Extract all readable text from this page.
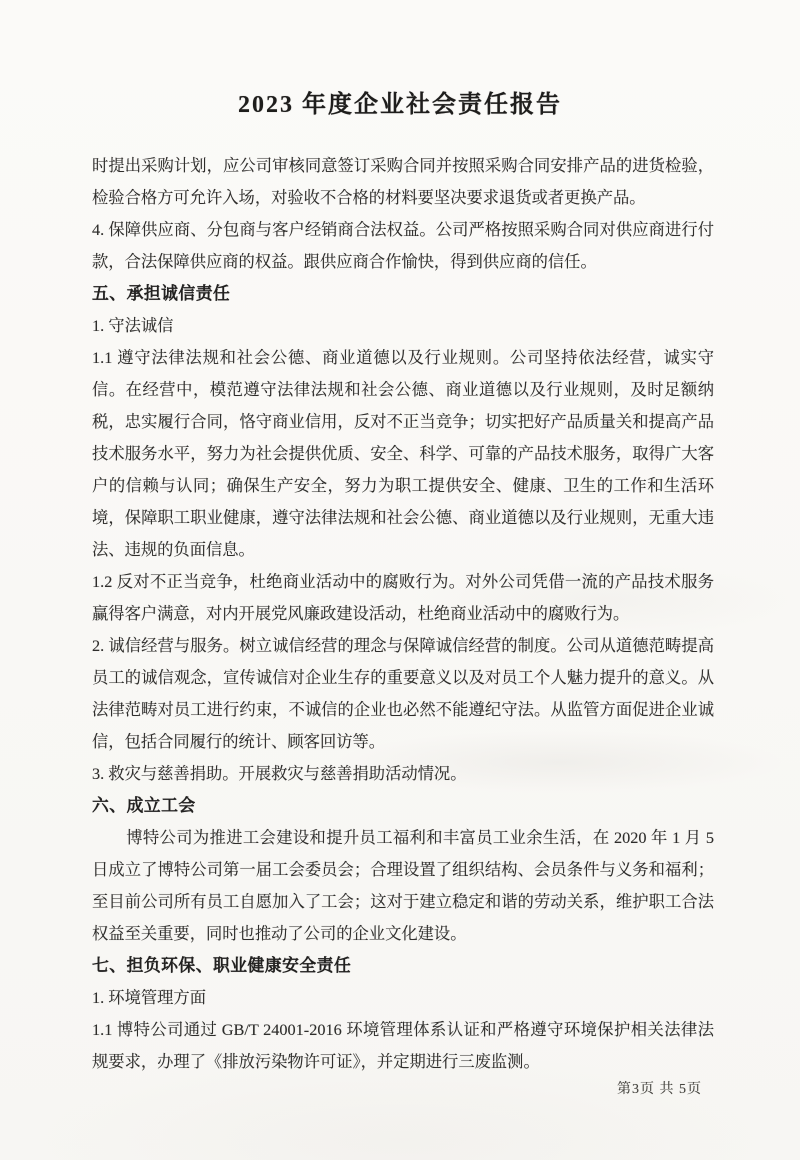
2023 年度企业社会责任报告

时提出采购计划，应公司审核同意签订采购合同并按照采购合同安排产品的进货检验，检验合格方可允许入场，对验收不合格的材料要坚决要求退货或者更换产品。

4. 保障供应商、分包商与客户经销商合法权益。公司严格按照采购合同对供应商进行付款，合法保障供应商的权益。跟供应商合作愉快，得到供应商的信任。

五、承担诚信责任

1. 守法诚信

1.1 遵守法律法规和社会公德、商业道德以及行业规则。公司坚持依法经营，诚实守信。在经营中，模范遵守法律法规和社会公德、商业道德以及行业规则，及时足额纳税，忠实履行合同，恪守商业信用，反对不正当竞争；切实把好产品质量关和提高产品技术服务水平，努力为社会提供优质、安全、科学、可靠的产品技术服务，取得广大客户的信赖与认同；确保生产安全，努力为职工提供安全、健康、卫生的工作和生活环境，保障职工职业健康，遵守法律法规和社会公德、商业道德以及行业规则，无重大违法、违规的负面信息。

1.2 反对不正当竞争，杜绝商业活动中的腐败行为。对外公司凭借一流的产品技术服务赢得客户满意，对内开展党风廉政建设活动，杜绝商业活动中的腐败行为。

2. 诚信经营与服务。树立诚信经营的理念与保障诚信经营的制度。公司从道德范畴提高员工的诚信观念，宣传诚信对企业生存的重要意义以及对员工个人魅力提升的意义。从法律范畴对员工进行约束，不诚信的企业也必然不能遵纪守法。从监管方面促进企业诚信，包括合同履行的统计、顾客回访等。

3. 救灾与慈善捐助。开展救灾与慈善捐助活动情况。

六、成立工会

博特公司为推进工会建设和提升员工福利和丰富员工业余生活，在 2020 年 1 月 5 日成立了博特公司第一届工会委员会；合理设置了组织结构、会员条件与义务和福利；至目前公司所有员工自愿加入了工会；这对于建立稳定和谐的劳动关系，维护职工合法权益至关重要，同时也推动了公司的企业文化建设。

七、担负环保、职业健康安全责任

1. 环境管理方面

1.1 博特公司通过 GB/T 24001-2016 环境管理体系认证和严格遵守环境保护相关法律法规要求，办理了《排放污染物许可证》，并定期进行三废监测。

第3页 共 5页
